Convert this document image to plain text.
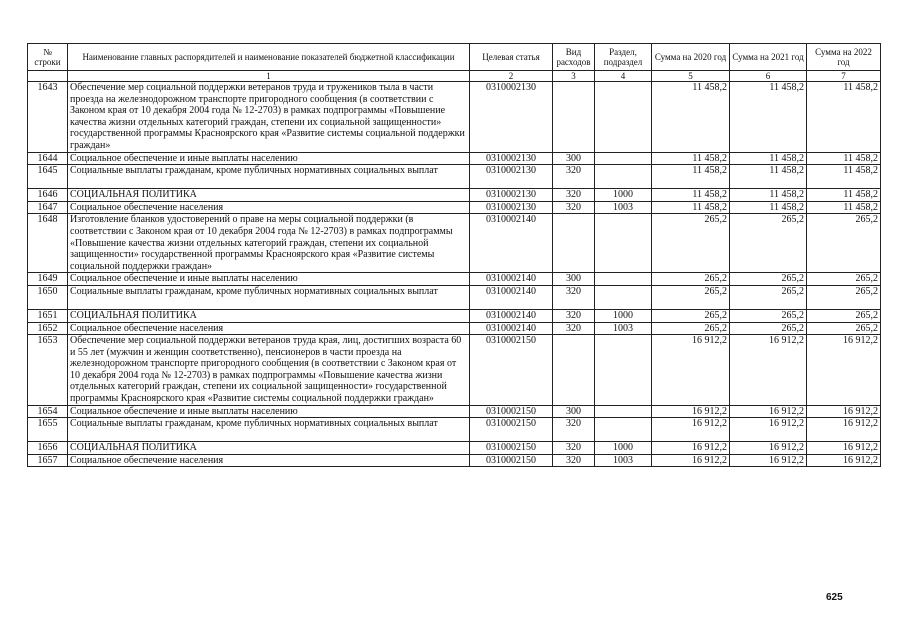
№ строки	Наименование главных распорядителей и наименование показателей бюджетной классификации	Целевая статья	Вид расходов	Раздел, подраздел	Сумма на 2020 год	Сумма на 2021 год	Сумма на 2022 год
	1	2	3	4	5	6	7
1643	Обеспечение мер социальной поддержки ветеранов труда и тружеников тыла в части проезда на железнодорожном транспорте пригородного сообщения (в соответствии с Законом края от 10 декабря 2004 года № 12-2703) в рамках подпрограммы «Повышение качества жизни отдельных категорий граждан, степени их социальной защищенности» государственной программы Красноярского края «Развитие системы социальной поддержки граждан»	0310002130			11 458,2	11 458,2	11 458,2
1644	Социальное обеспечение и иные выплаты населению	0310002130	300		11 458,2	11 458,2	11 458,2
1645	Социальные выплаты гражданам, кроме публичных нормативных социальных выплат	0310002130	320		11 458,2	11 458,2	11 458,2
1646	СОЦИАЛЬНАЯ ПОЛИТИКА	0310002130	320	1000	11 458,2	11 458,2	11 458,2
1647	Социальное обеспечение населения	0310002130	320	1003	11 458,2	11 458,2	11 458,2
1648	Изготовление бланков удостоверений о праве на меры социальной поддержки (в соответствии с Законом края от 10 декабря 2004 года № 12-2703) в рамках подпрограммы «Повышение качества жизни отдельных категорий граждан, степени их социальной защищенности» государственной программы Красноярского края «Развитие системы социальной поддержки граждан»	0310002140			265,2	265,2	265,2
1649	Социальное обеспечение и иные выплаты населению	0310002140	300		265,2	265,2	265,2
1650	Социальные выплаты гражданам, кроме публичных нормативных социальных выплат	0310002140	320		265,2	265,2	265,2
1651	СОЦИАЛЬНАЯ ПОЛИТИКА	0310002140	320	1000	265,2	265,2	265,2
1652	Социальное обеспечение населения	0310002140	320	1003	265,2	265,2	265,2
1653	Обеспечение мер социальной поддержки ветеранов труда края, лиц, достигших возраста 60 и 55 лет (мужчин и женщин соответственно), пенсионеров в части проезда на железнодорожном транспорте пригородного сообщения (в соответствии с Законом края от 10 декабря 2004 года № 12-2703) в рамках подпрограммы «Повышение качества жизни отдельных категорий граждан, степени их социальной защищенности» государственной программы Красноярского края «Развитие системы социальной поддержки граждан»	0310002150			16 912,2	16 912,2	16 912,2
1654	Социальное обеспечение и иные выплаты населению	0310002150	300		16 912,2	16 912,2	16 912,2
1655	Социальные выплаты гражданам, кроме публичных нормативных социальных выплат	0310002150	320		16 912,2	16 912,2	16 912,2
1656	СОЦИАЛЬНАЯ ПОЛИТИКА	0310002150	320	1000	16 912,2	16 912,2	16 912,2
1657	Социальное обеспечение населения	0310002150	320	1003	16 912,2	16 912,2	16 912,2
625
